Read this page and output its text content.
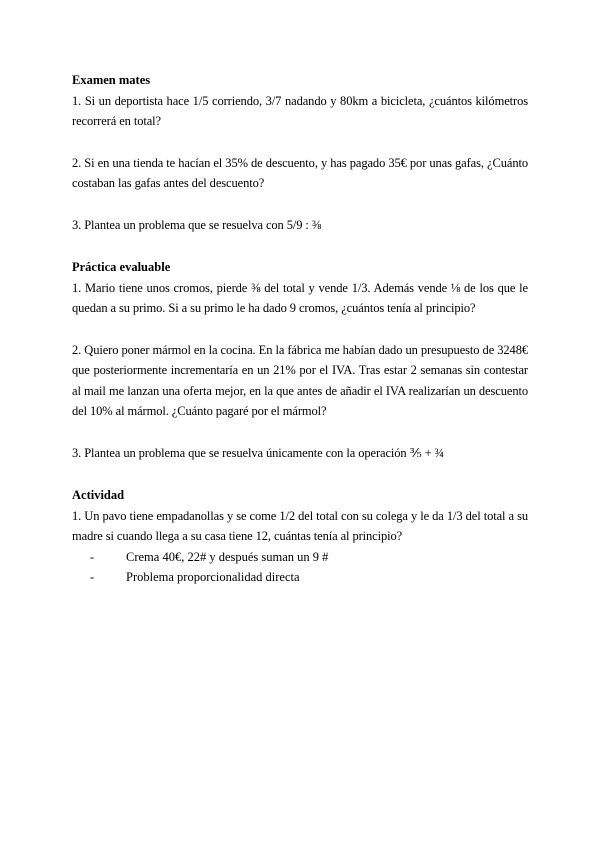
Examen mates

1. Si un deportista hace 1/5 corriendo, 3/7 nadando y 80km a bicicleta, ¿cuántos kilómetros recorrerá en total?

2. Si en una tienda te hacían el 35% de descuento, y has pagado 35€ por unas gafas, ¿Cuánto costaban las gafas antes del descuento?

3. Plantea un problema que se resuelva con 5/9 : ⅜

Práctica evaluable

1. Mario tiene unos cromos, pierde ⅜ del total y vende 1/3. Además vende ⅛ de los que le quedan a su primo. Si a su primo le ha dado 9 cromos, ¿cuántos tenía al principio?

2. Quiero poner mármol en la cocina. En la fábrica me habían dado un presupuesto de 3248€ que posteriormente incrementaría en un 21% por el IVA. Tras estar 2 semanas sin contestar al mail me lanzan una oferta mejor, en la que antes de añadir el IVA realizarían un descuento del 10% al mármol. ¿Cuánto pagaré por el mármol?

3. Plantea un problema que se resuelva únicamente con la operación ⅗ + ¾

Actividad

1. Un pavo tiene empadanollas y se come 1/2 del total con su colega y le da 1/3 del total a su madre si cuando llega a su casa tiene 12, cuántas tenía al principio?

-	Crema 40€, 22# y después suman un 9 #
-	Problema proporcionalidad directa
